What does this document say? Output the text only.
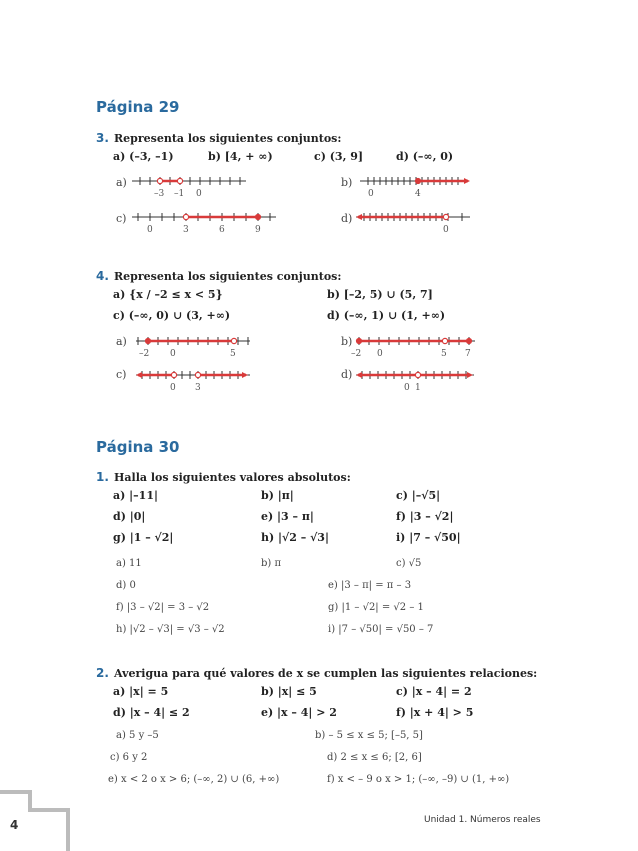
Página 29
3. Representa los siguientes conjuntos:
a) (–3, –1)	b) [4, + ∞)	c) (3, 9]	d) (–∞, 0)
a)	b)
c)	d)
–3 –1 0	0	4
0	3	6	9	0
4. Representa los siguientes conjuntos:
a) {x / –2 ≤ x < 5}	b) [–2, 5) ∪ (5, 7]
c) (–∞, 0) ∪ (3, +∞)	d) (–∞, 1) ∪ (1, +∞)
a)	b)
c)	d)
–2 0	5	–2 0	5 7
0 3	0 1
Página 30
1. Halla los siguientes valores absolutos:
a) |–11|	b) |π|	c) |–√5|
d) |0|	e) |3 – π|	f) |3 – √2|
g) |1 – √2|	h) |√2 – √3|	i) |7 – √50|
a) 11	b) π	c) √5
d) 0	e) |3 – π| = π – 3
f) |3 – √2| = 3 – √2	g) |1 – √2| = √2 – 1
h) |√2 – √3| = √3 – √2	i) |7 – √50| = √50 – 7
2. Averigua para qué valores de x se cumplen las siguientes relaciones:
a) |x| = 5	b) |x| ≤ 5	c) |x – 4| = 2
d) |x – 4| ≤ 2	e) |x – 4| > 2	f) |x + 4| > 5
a) 5 y –5	b) – 5 ≤ x ≤ 5; [–5, 5]
c) 6 y 2	d) 2 ≤ x ≤ 6; [2, 6]
e) x < 2 o x > 6; (–∞, 2) ∪ (6, +∞)	f) x < – 9 o x > 1; (–∞, –9) ∪ (1, +∞)
4	Unidad 1. Números reales
